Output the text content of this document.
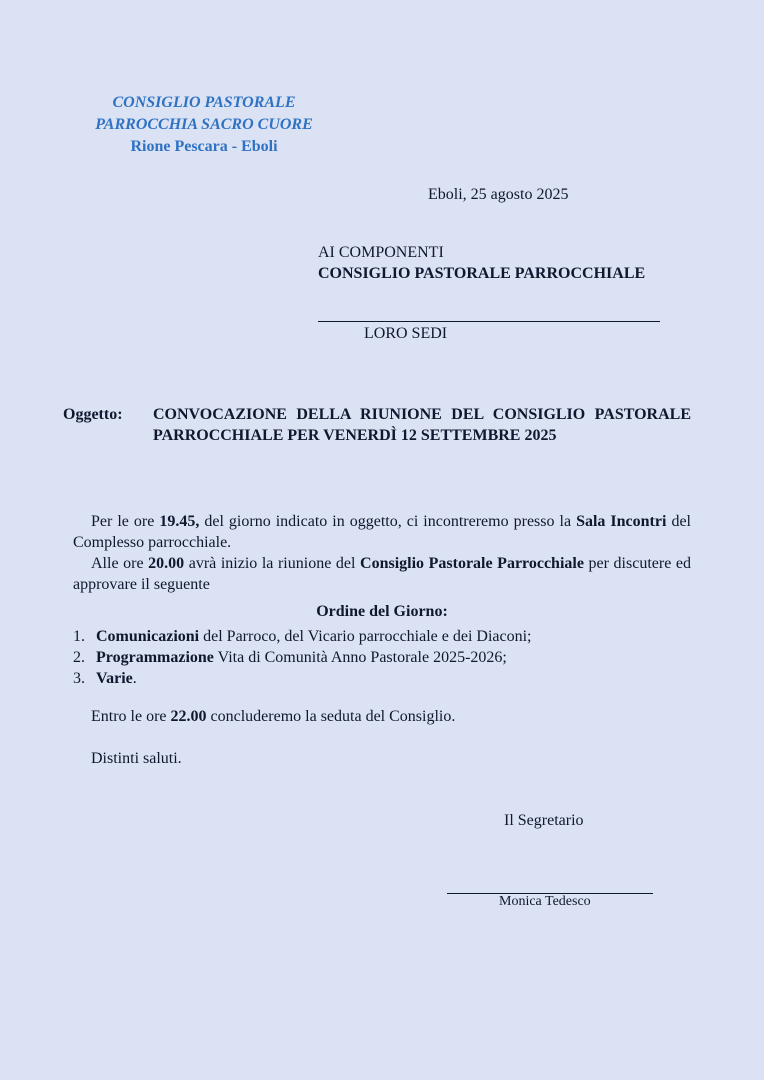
CONSIGLIO PASTORALE
PARROCCHIA SACRO CUORE
Rione Pescara - Eboli
Eboli, 25 agosto 2025
AI COMPONENTI
CONSIGLIO PASTORALE PARROCCHIALE
LORO SEDI
Oggetto:	CONVOCAZIONE DELLA RIUNIONE DEL CONSIGLIO PASTORALE PARROCCHIALE PER VENERDÌ 12 SETTEMBRE 2025

Per le ore 19.45, del giorno indicato in oggetto, ci incontreremo presso la Sala Incontri del Complesso parrocchiale.

Alle ore 20.00 avrà inizio la riunione del Consiglio Pastorale Parrocchiale per discutere ed approvare il seguente

Ordine del Giorno:
1. Comunicazioni del Parroco, del Vicario parrocchiale e dei Diaconi;
2. Programmazione Vita di Comunità Anno Pastorale 2025-2026;
3. Varie.
Entro le ore 22.00 concluderemo la seduta del Consiglio.
Distinti saluti.
Il Segretario
Monica Tedesco
